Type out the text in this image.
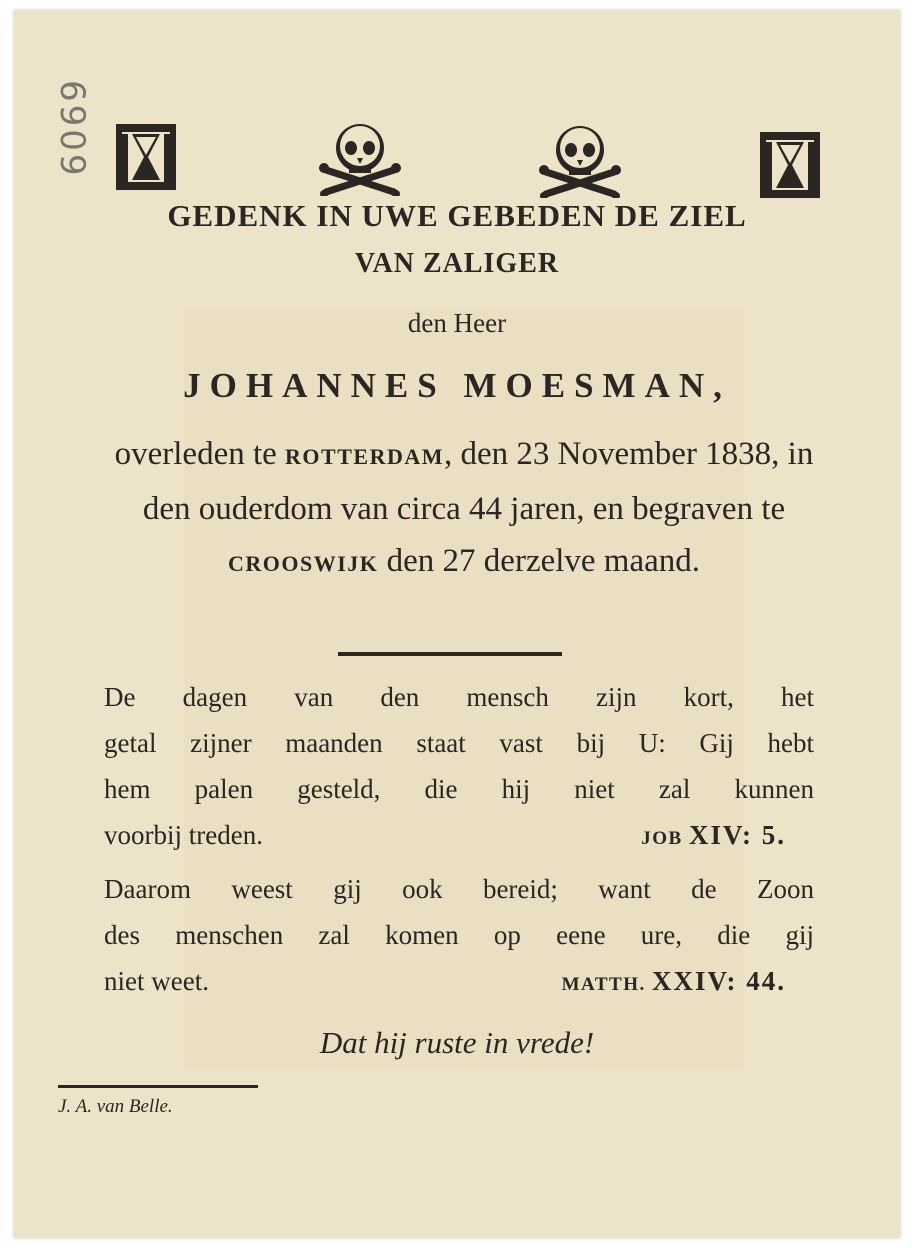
6909
GEDENK IN UWE GEBEDEN DE ZIEL
VAN ZALIGER
den Heer
JOHANNES MOESMAN,
overleden te ROTTERDAM, den 23 November 1838, in den ouderdom van circa 44 jaren, en begraven te CROOSWIJK den 27 derzelve maand.
De dagen van den mensch zijn kort, het
getal zijner maanden staat vast bij U: Gij hebt
hem palen gesteld, die hij niet zal kunnen
voorbij treden.	JOB XIV: 5.
Daarom weest gij ook bereid; want de Zoon
des menschen zal komen op eene ure, die gij
niet weet.	MATTH. XXIV: 44.
Dat hij ruste in vrede!
J. A. van Belle.
